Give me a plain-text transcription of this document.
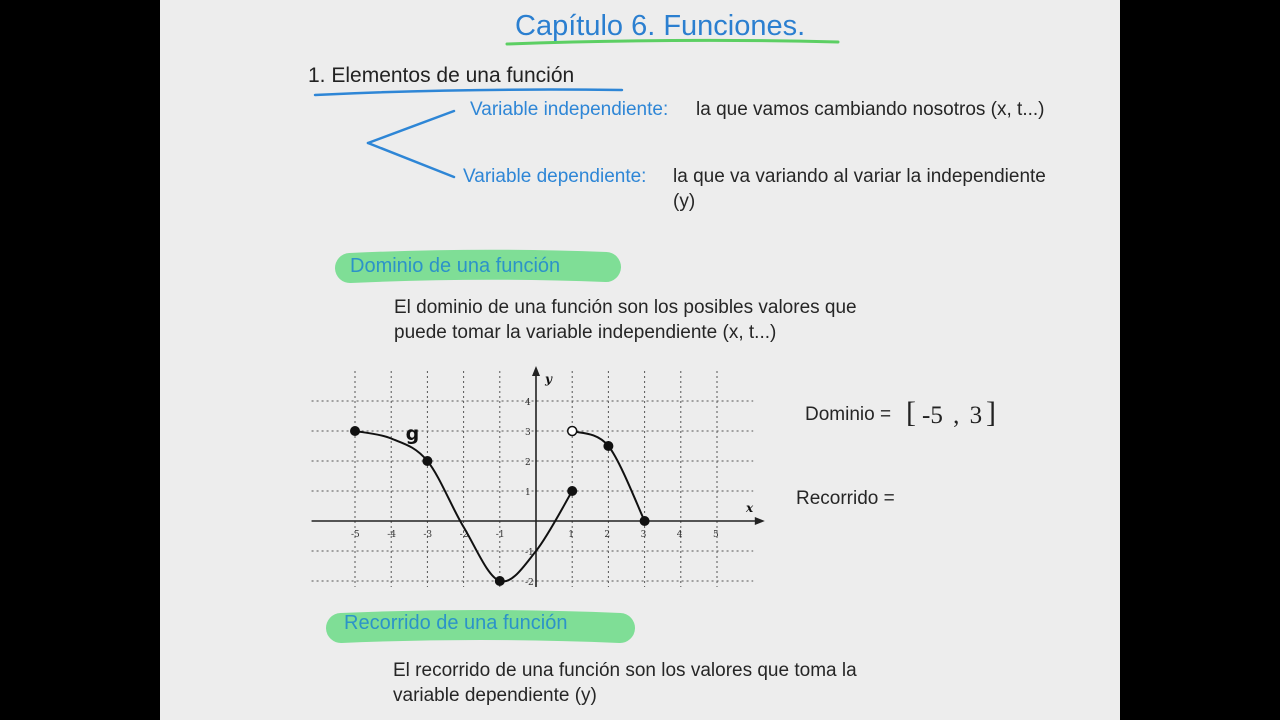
Capítulo 6. Funciones.
1. Elementos de una función
Variable independiente: la que vamos cambiando nosotros (x, t...)
Variable dependiente: la que va variando al variar la independiente
(y)
Dominio de una función
El dominio de una función son los posibles valores que
puede tomar la variable independiente (x, t...)
-5	-4	-3	-2	-1	1	2	3	4	5
-2
-1
1
2
3
4
g
x
y
Dominio = [ -5 , 3 ]
Recorrido =
Recorrido de una función
El recorrido de una función son los valores que toma la
variable dependiente (y)
